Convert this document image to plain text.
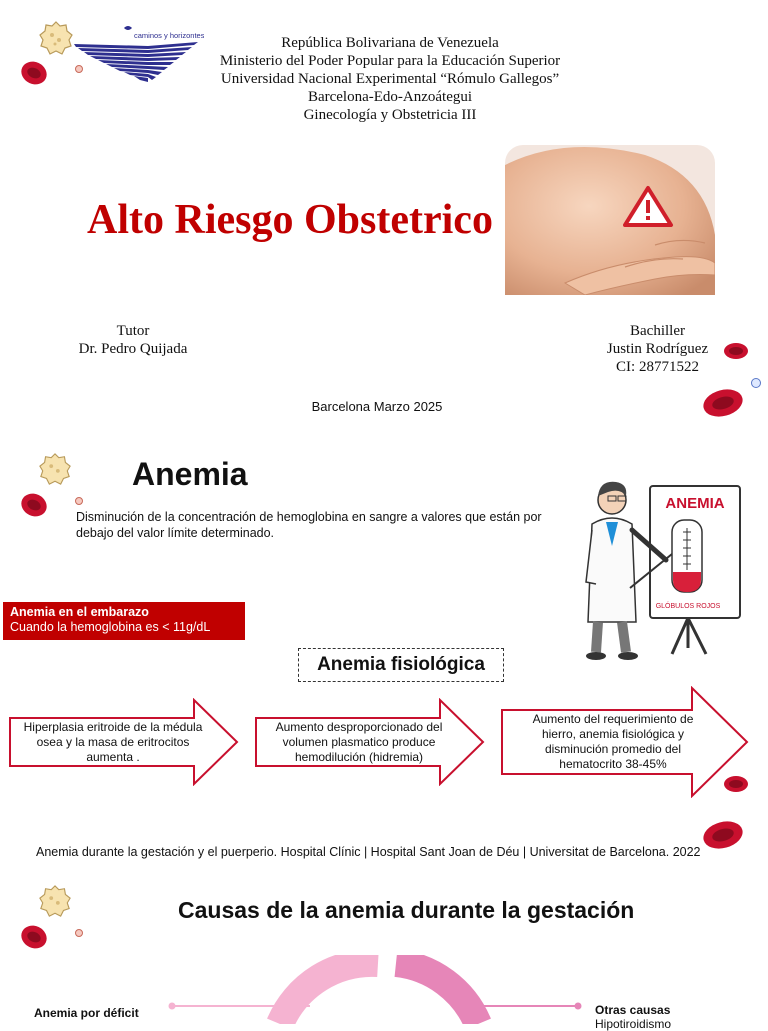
caminos y horizontes	República Bolivariana de Venezuela
Ministerio del Poder Popular para la Educación Superior
Universidad Nacional Experimental “Rómulo Gallegos”
Barcelona-Edo-Anzoátegui
Ginecología y Obstetricia III
Alto Riesgo Obstetrico
Tutor
Dr. Pedro Quijada
Bachiller
Justin Rodríguez
CI: 28771522
Barcelona Marzo 2025
Anemia
Disminución de la concentración de hemoglobina en sangre a valores que están por debajo del valor límite determinado.
ANEMIA
GLÓBULOS ROJOS
Anemia en el embarazo
Cuando la hemoglobina es < 11g/dL
Anemia fisiológica
Hiperplasia eritroide de la médula osea y la masa de eritrocitos aumenta .
Aumento desproporcionado del volumen plasmatico produce hemodilución (hidremia)
Aumento del requerimiento de hierro, anemia fisiológica y disminución promedio del hematocrito 38-45%
Anemia durante la gestación y el puerperio. Hospital Clínic | Hospital Sant Joan de Déu | Universitat de Barcelona. 2022
Causas de la anemia durante la gestación
Anemia por déficit	Otras causas
Hipotiroidismo
